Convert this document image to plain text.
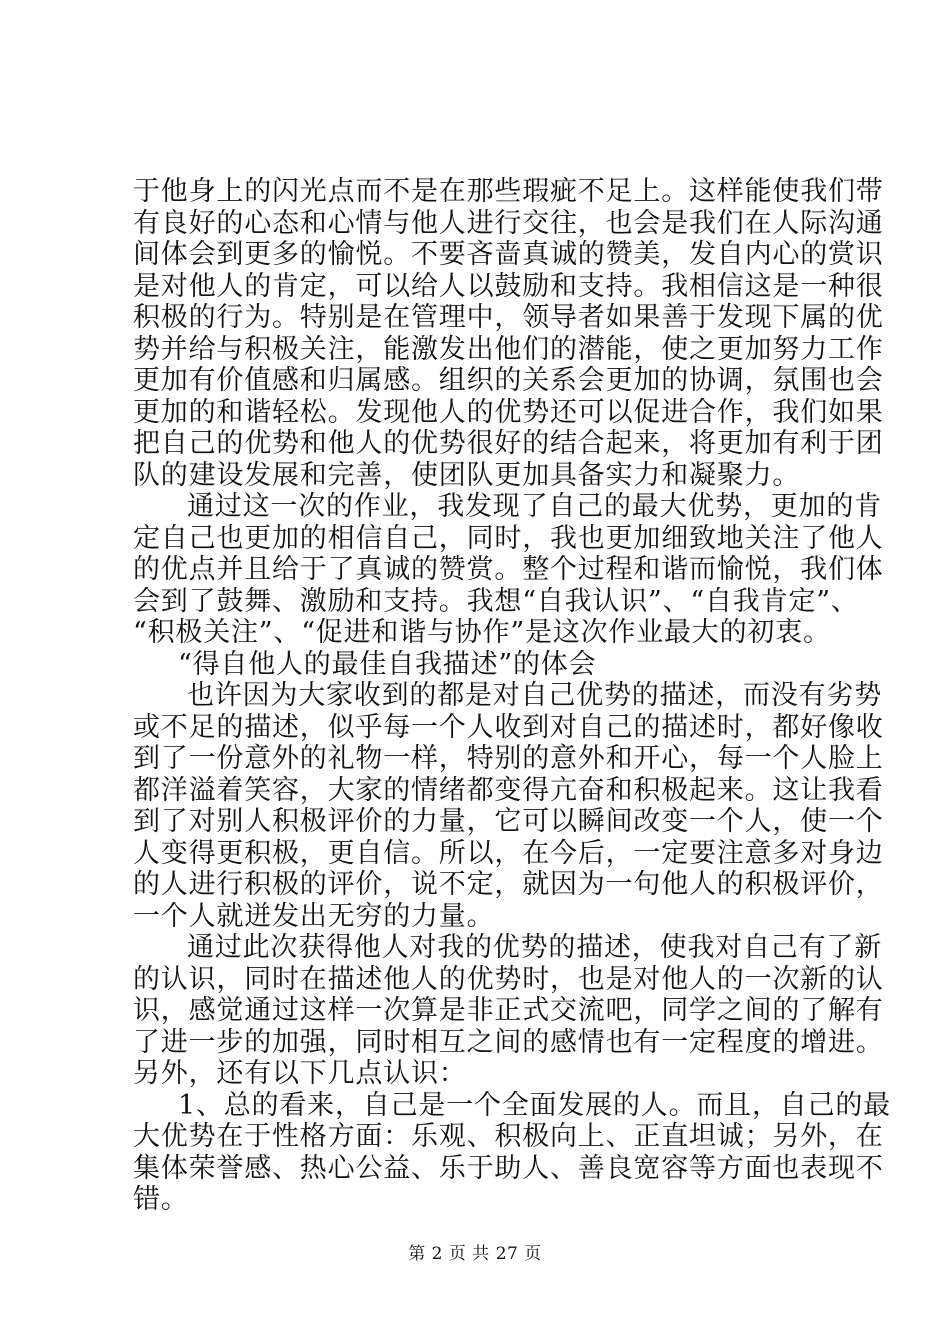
于他身上的闪光点而不是在那些瑕疵不足上。这样能使我们带
有良好的心态和心情与他人进行交往，也会是我们在人际沟通
间体会到更多的愉悦。不要吝啬真诚的赞美，发自内心的赏识
是对他人的肯定，可以给人以鼓励和支持。我相信这是一种很
积极的行为。特别是在管理中，领导者如果善于发现下属的优
势并给与积极关注，能激发出他们的潜能，使之更加努力工作
更加有价值感和归属感。组织的关系会更加的协调，氛围也会
更加的和谐轻松。发现他人的优势还可以促进合作，我们如果
把自己的优势和他人的优势很好的结合起来，将更加有利于团
队的建设发展和完善，使团队更加具备实力和凝聚力。
通过这一次的作业，我发现了自己的最大优势，更加的肯
定自己也更加的相信自己，同时，我也更加细致地关注了他人
的优点并且给于了真诚的赞赏。整个过程和谐而愉悦，我们体
会到了鼓舞、激励和支持。我想“自我认识”、“自我肯定”、
“积极关注”、“促进和谐与协作”是这次作业最大的初衷。
“得自他人的最佳自我描述”的体会
也许因为大家收到的都是对自己优势的描述，而没有劣势
或不足的描述，似乎每一个人收到对自己的描述时，都好像收
到了一份意外的礼物一样，特别的意外和开心，每一个人脸上
都洋溢着笑容，大家的情绪都变得亢奋和积极起来。这让我看
到了对别人积极评价的力量，它可以瞬间改变一个人，使一个
人变得更积极，更自信。所以，在今后，一定要注意多对身边
的人进行积极的评价，说不定，就因为一句他人的积极评价，
一个人就迸发出无穷的力量。
通过此次获得他人对我的优势的描述，使我对自己有了新
的认识，同时在描述他人的优势时，也是对他人的一次新的认
识，感觉通过这样一次算是非正式交流吧，同学之间的了解有
了进一步的加强，同时相互之间的感情也有一定程度的增进。
另外，还有以下几点认识：
1、总的看来，自己是一个全面发展的人。而且，自己的最
大优势在于性格方面：乐观、积极向上、正直坦诚；另外，在
集体荣誉感、热心公益、乐于助人、善良宽容等方面也表现不
错。
第 2 页 共 27 页
